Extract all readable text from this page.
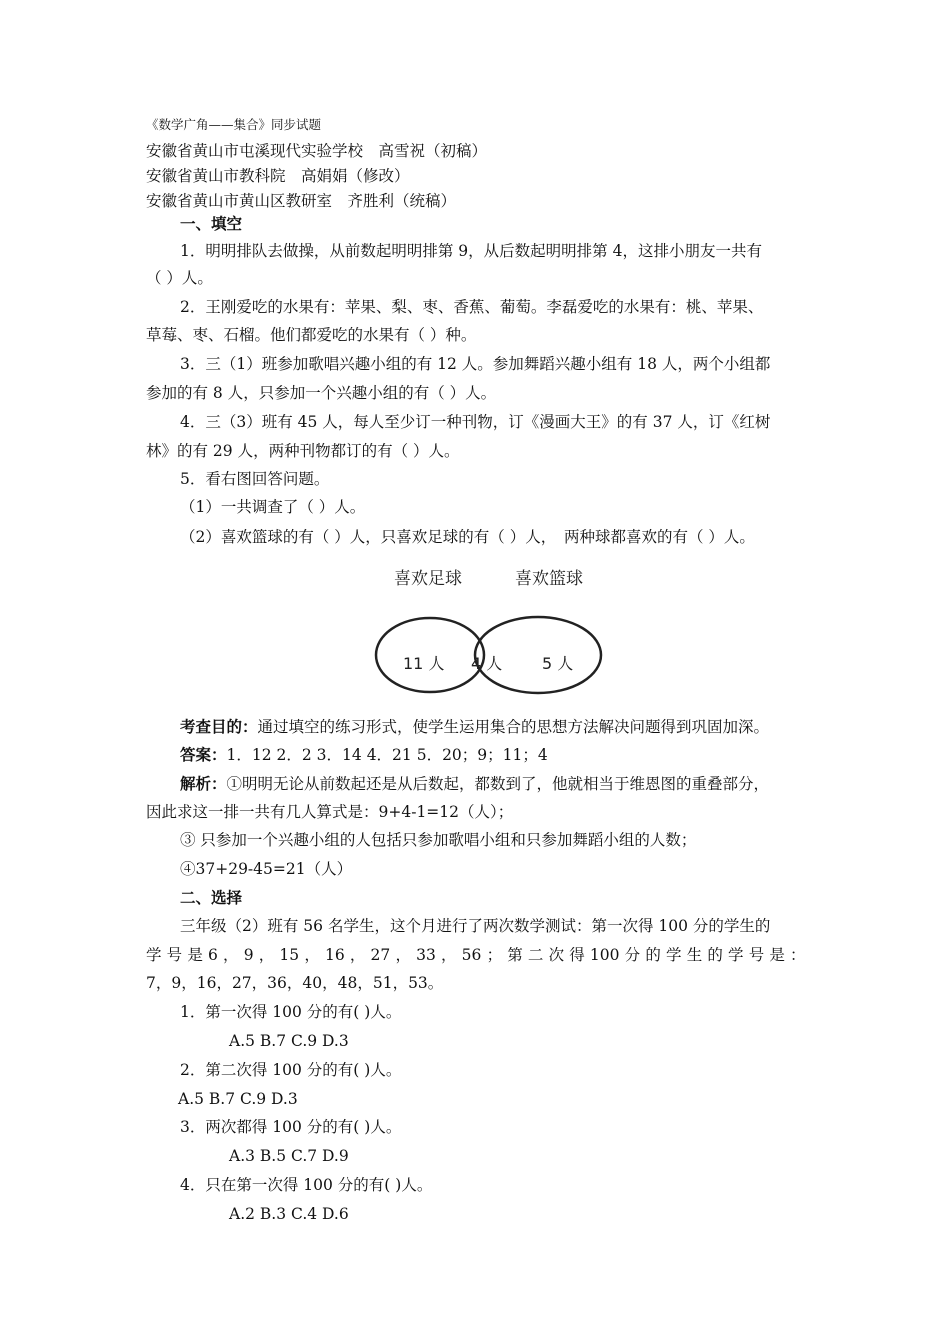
《数学广角——集合》同步试题
安徽省黄山市屯溪现代实验学校　高雪祝（初稿）
安徽省黄山市教科院　高娟娟（修改）
安徽省黄山市黄山区教研室　齐胜利（统稿）
一、填空
1．明明排队去做操，从前数起明明排第 9，从后数起明明排第 4，这排小朋友一共有
（ ）人。
2．王刚爱吃的水果有：苹果、梨、枣、香蕉、葡萄。李磊爱吃的水果有：桃、苹果、
草莓、枣、石榴。他们都爱吃的水果有（ ）种。
3．三（1）班参加歌唱兴趣小组的有 12 人。参加舞蹈兴趣小组有 18 人，两个小组都
参加的有 8 人，只参加一个兴趣小组的有（ ）人。
4．三（3）班有 45 人，每人至少订一种刊物，订《漫画大王》的有 37 人，订《红树
林》的有 29 人，两种刊物都订的有（ ）人。
5．看右图回答问题。
（1）一共调查了（ ）人。
（2）喜欢篮球的有（ ）人，只喜欢足球的有（ ）人，　两种球都喜欢的有（ ）人。
喜欢足球	喜欢篮球
11 人 4 人 5 人
考查目的：通过填空的练习形式，使学生运用集合的思想方法解决问题得到巩固加深。
答案：1．12 2．2 3．14 4．21 5．20；9；11；4
解析：①明明无论从前数起还是从后数起，都数到了，他就相当于维恩图的重叠部分，
因此求这一排一共有几人算式是：9+4-1=12（人）；
③ 只参加一个兴趣小组的人包括只参加歌唱小组和只参加舞蹈小组的人数；
④37+29-45=21（人）
二、选择
三年级（2）班有 56 名学生，这个月进行了两次数学测试：第一次得 100 分的学生的
学 号 是 6 ， 9 ， 15 ， 16 ， 27 ， 33 ， 56 ； 第 二 次 得 100 分 的 学 生 的 学 号 是 ：
7，9，16，27，36，40，48，51，53。
1．第一次得 100 分的有( )人。
A.5 B.7 C.9 D.3
2．第二次得 100 分的有( )人。
A.5 B.7 C.9 D.3
3．两次都得 100 分的有( )人。
A.3 B.5 C.7 D.9
4．只在第一次得 100 分的有( )人。
A.2 B.3 C.4 D.6
